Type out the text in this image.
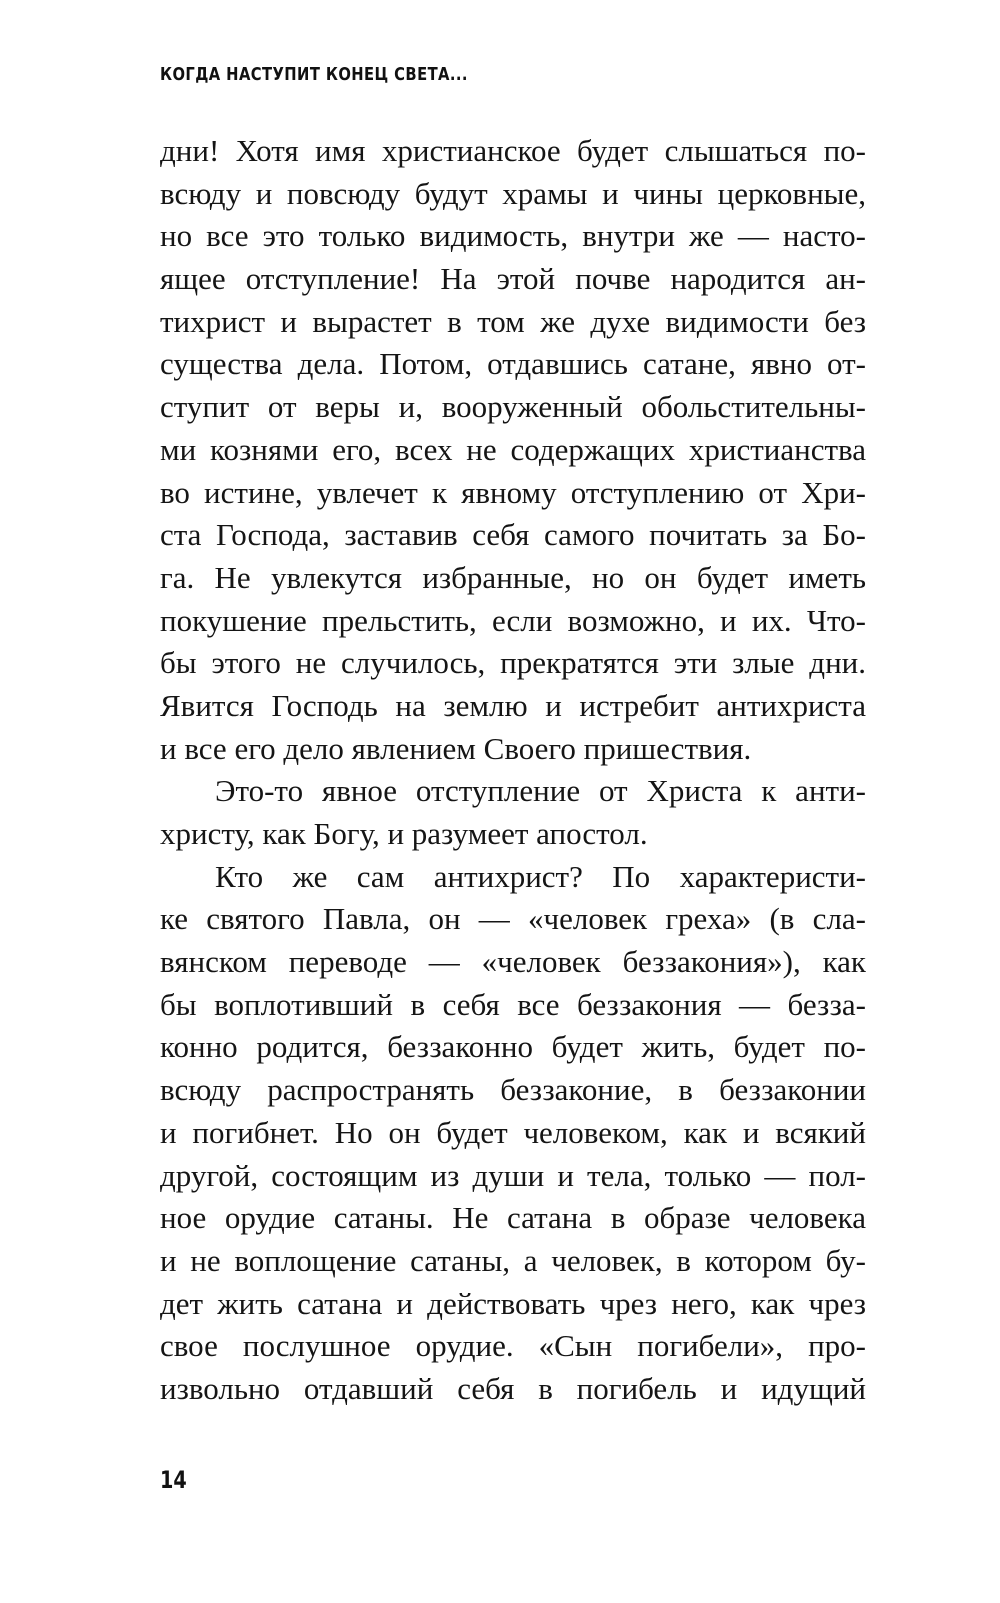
КОГДА НАСТУПИТ КОНЕЦ СВЕТА...
дни! Хотя имя христианское будет слышаться по-
всюду и повсюду будут храмы и чины церковные,
но все это только видимость, внутри же — насто-
ящее отступление! На этой почве народится ан-
тихрист и вырастет в том же духе видимости без
существа дела. Потом, отдавшись сатане, явно от-
ступит от веры и, вооруженный обольстительны-
ми кознями его, всех не содержащих христианства
во истине, увлечет к явному отступлению от Хри-
ста Господа, заставив себя самого почитать за Бо-
га. Не увлекутся избранные, но он будет иметь
покушение прельстить, если возможно, и их. Что-
бы этого не случилось, прекратятся эти злые дни.
Явится Господь на землю и истребит антихриста
и все его дело явлением Своего пришествия.
Это-то явное отступление от Христа к анти-
христу, как Богу, и разумеет апостол.
Кто же сам антихрист? По характеристи-
ке святого Павла, он — «человек греха» (в сла-
вянском переводе — «человек беззакония»), как
бы воплотивший в себя все беззакония — безза-
конно родится, беззаконно будет жить, будет по-
всюду распространять беззаконие, в беззаконии
и погибнет. Но он будет человеком, как и всякий
другой, состоящим из души и тела, только — пол-
ное орудие сатаны. Не сатана в образе человека
и не воплощение сатаны, а человек, в котором бу-
дет жить сатана и действовать чрез него, как чрез
свое послушное орудие. «Сын погибели», про-
извольно отдавший себя в погибель и идущий
14
